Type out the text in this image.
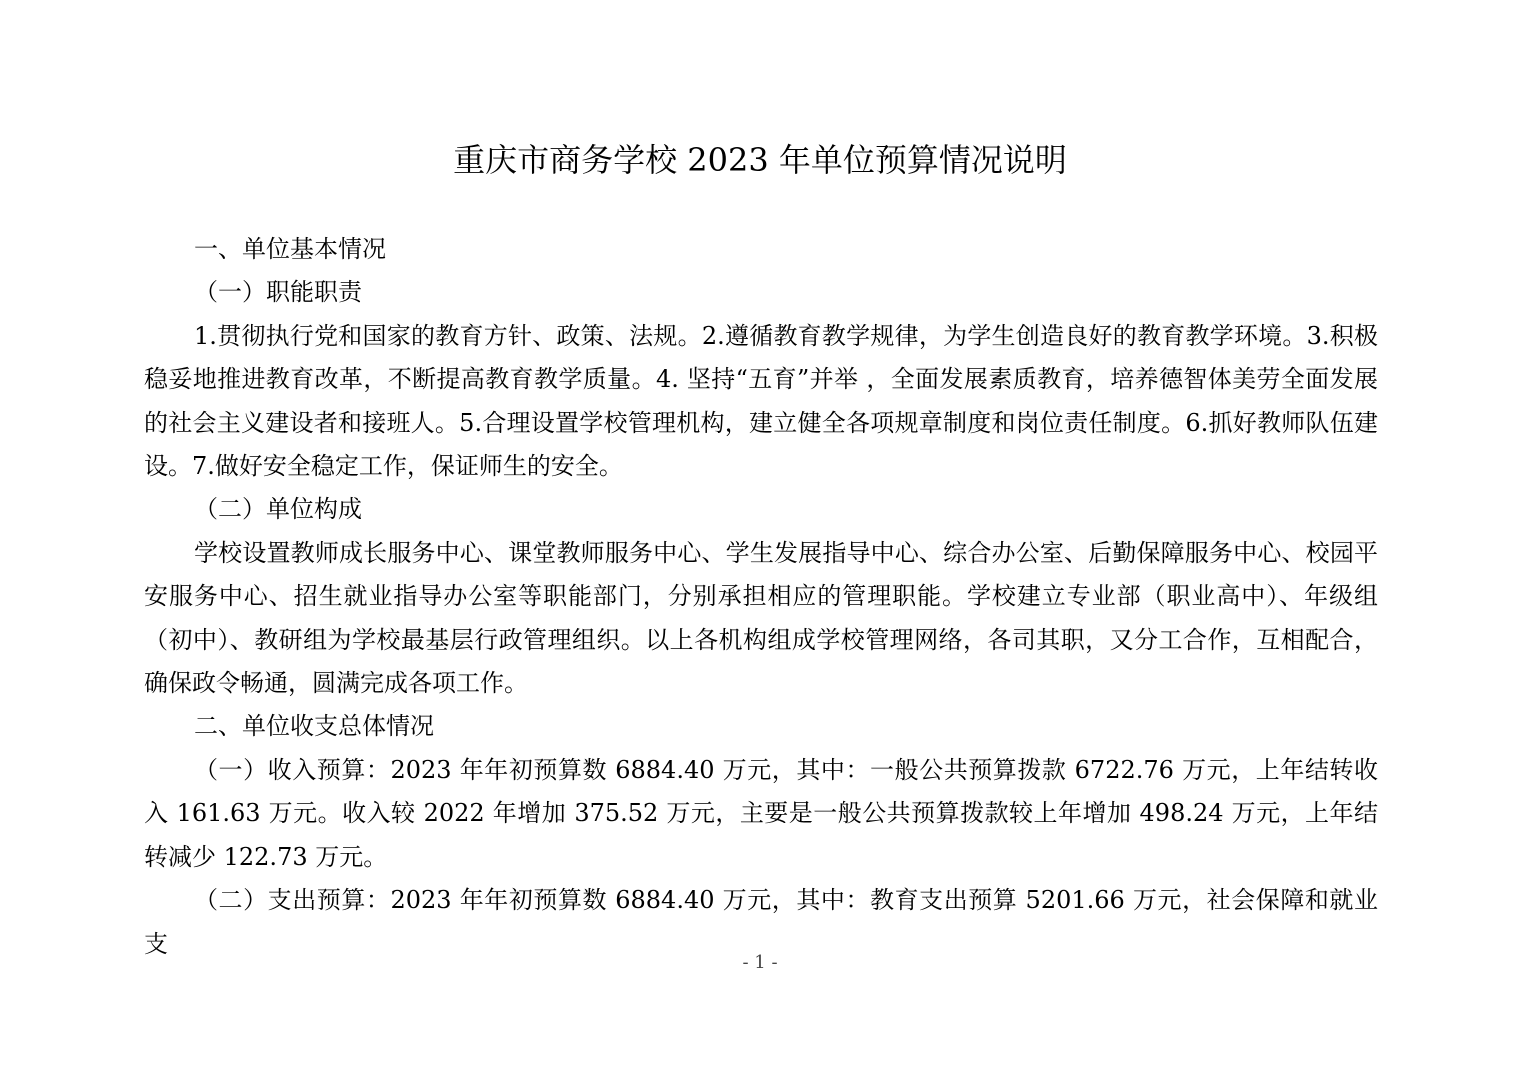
重庆市商务学校 2023 年单位预算情况说明

一、单位基本情况

（一）职能职责

1.贯彻执行党和国家的教育方针、政策、法规。2.遵循教育教学规律，为学生创造良好的教育教学环境。3.积极稳妥地推进教育改革，不断提高教育教学质量。4. 坚持“五育”并举 ，全面发展素质教育，培养德智体美劳全面发展的社会主义建设者和接班人。5.合理设置学校管理机构，建立健全各项规章制度和岗位责任制度。6.抓好教师队伍建设。7.做好安全稳定工作，保证师生的安全。

（二）单位构成

学校设置教师成长服务中心、课堂教师服务中心、学生发展指导中心、综合办公室、后勤保障服务中心、校园平安服务中心、招生就业指导办公室等职能部门，分别承担相应的管理职能。学校建立专业部（职业高中）、年级组（初中）、教研组为学校最基层行政管理组织。以上各机构组成学校管理网络，各司其职，又分工合作，互相配合，确保政令畅通，圆满完成各项工作。

二、单位收支总体情况

（一）收入预算：2023 年年初预算数 6884.40 万元，其中：一般公共预算拨款 6722.76 万元，上年结转收入 161.63 万元。收入较 2022 年增加 375.52 万元，主要是一般公共预算拨款较上年增加 498.24 万元，上年结转减少 122.73 万元。

（二）支出预算：2023 年年初预算数 6884.40 万元，其中：教育支出预算 5201.66 万元，社会保障和就业支

- 1 -
